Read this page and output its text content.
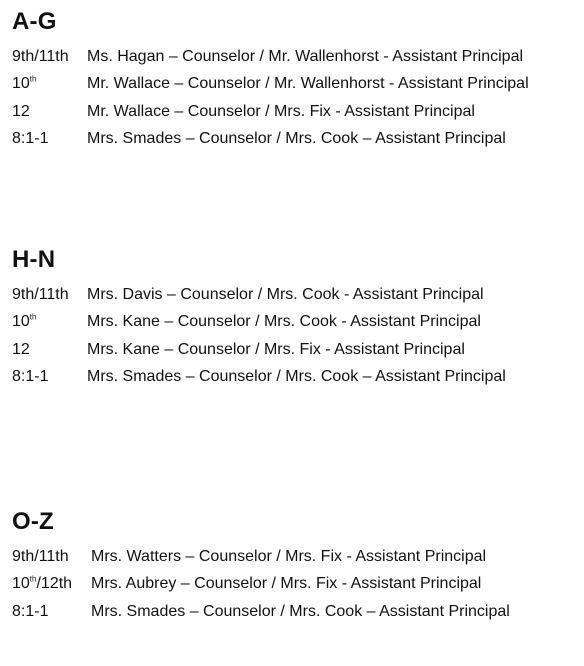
A-G
9th/11th	Ms. Hagan – Counselor / Mr. Wallenhorst - Assistant Principal
10th	Mr. Wallace – Counselor / Mr. Wallenhorst - Assistant Principal
12	Mr. Wallace – Counselor / Mrs. Fix - Assistant Principal
8:1-1	Mrs. Smades – Counselor / Mrs. Cook – Assistant Principal
H-N
9th/11th	Mrs. Davis – Counselor / Mrs. Cook - Assistant Principal
10th	Mrs. Kane – Counselor / Mrs. Cook - Assistant Principal
12	Mrs. Kane – Counselor / Mrs. Fix - Assistant Principal
8:1-1	Mrs. Smades – Counselor / Mrs. Cook – Assistant Principal
O-Z
9th/11th	Mrs. Watters – Counselor / Mrs. Fix - Assistant Principal
10th/12th	Mrs. Aubrey – Counselor / Mrs. Fix - Assistant Principal
8:1-1	Mrs. Smades – Counselor / Mrs. Cook – Assistant Principal
